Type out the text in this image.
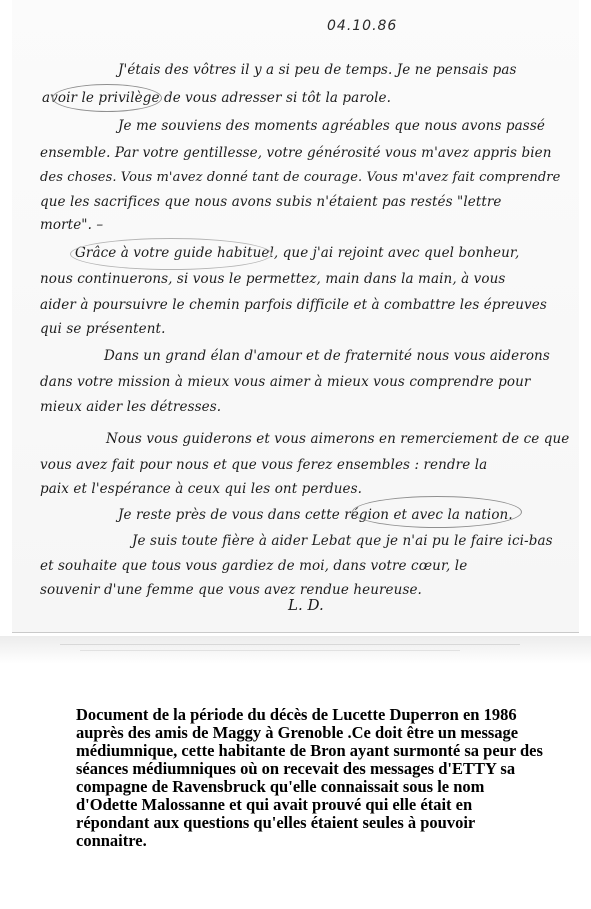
04.10.86
J'étais des vôtres il y a si peu de temps. Je ne pensais pas
avoir le privilège de vous adresser si tôt la parole.
Je me souviens des moments agréables que nous avons passé
ensemble. Par votre gentillesse, votre générosité vous m'avez appris bien
des choses. Vous m'avez donné tant de courage. Vous m'avez fait comprendre
que les sacrifices que nous avons subis n'étaient pas restés "lettre
morte". –
Grâce à votre guide habituel, que j'ai rejoint avec quel bonheur,
nous continuerons, si vous le permettez, main dans la main, à vous
aider à poursuivre le chemin parfois difficile et à combattre les épreuves
qui se présentent.
Dans un grand élan d'amour et de fraternité nous vous aiderons
dans votre mission à mieux vous aimer à mieux vous comprendre pour
mieux aider les détresses.
Nous vous guiderons et vous aimerons en remerciement de ce que
vous avez fait pour nous et que vous ferez ensembles : rendre la
paix et l'espérance à ceux qui les ont perdues.
Je reste près de vous dans cette région et avec la nation.
Je suis toute fière à aider Lebat que je n'ai pu le faire ici-bas
et souhaite que tous vous gardiez de moi, dans votre cœur, le
souvenir d'une femme que vous avez rendue heureuse.
L. D.
Document de la période du décès de Lucette Duperron en 1986
auprès des amis de Maggy à Grenoble .Ce doit être un message
médiumnique, cette habitante de Bron ayant surmonté sa peur des
séances médiumniques où on recevait des messages d'ETTY sa
compagne de Ravensbruck qu'elle connaissait sous le nom
d'Odette Malossanne et qui avait prouvé qui elle était en
répondant aux questions qu'elles étaient seules à pouvoir
connaitre.
